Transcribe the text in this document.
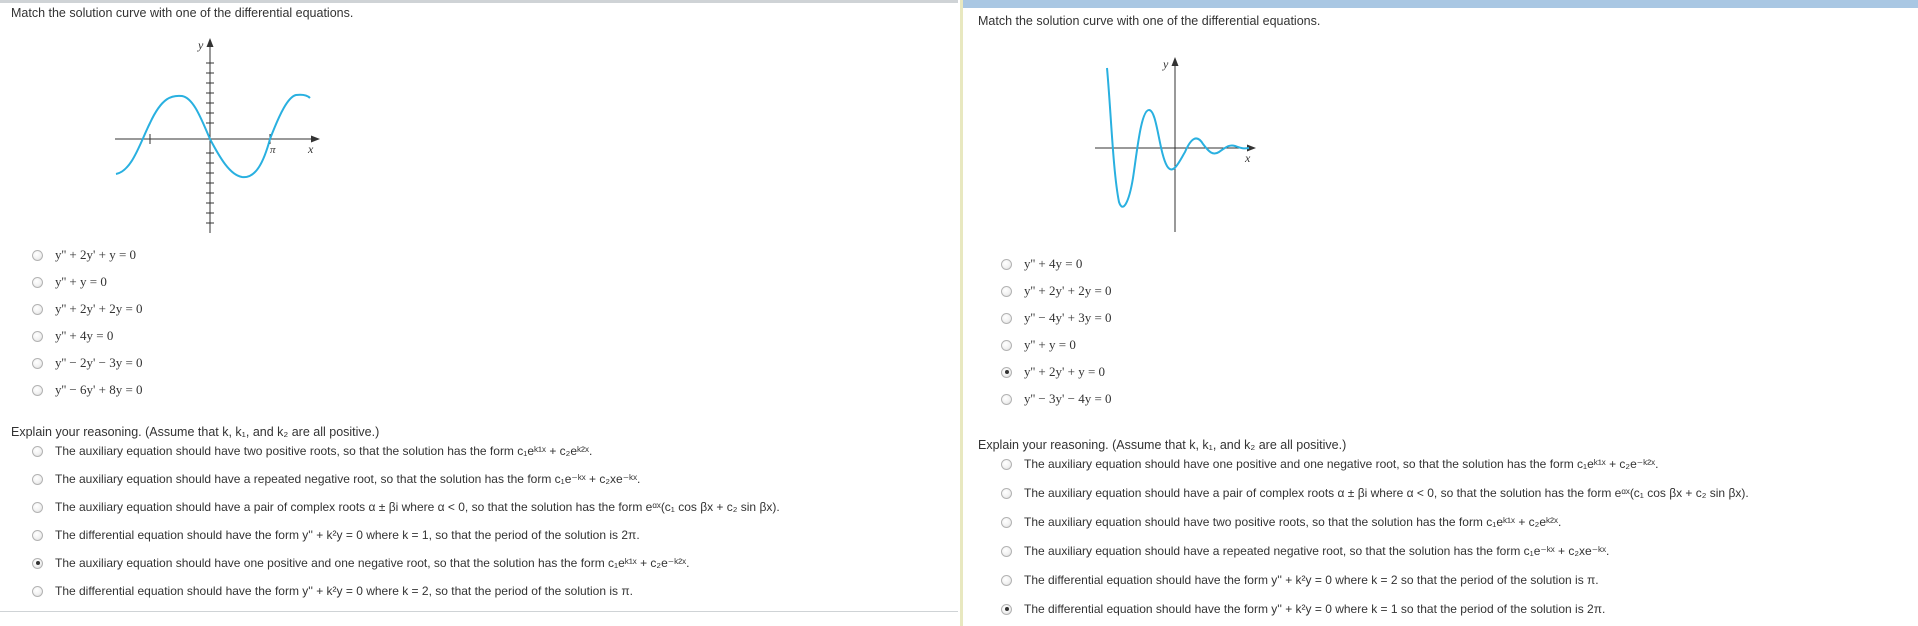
Match the solution curve with one of the differential equations.
y
x
π
y'' + 2y' + y = 0
y'' + y = 0
y'' + 2y' + 2y = 0
y'' + 4y = 0
y'' − 2y' − 3y = 0
y'' − 6y' + 8y = 0
Explain your reasoning. (Assume that k, k₁, and k₂ are all positive.)
The auxiliary equation should have two positive roots, so that the solution has the form c₁eᵏ¹ˣ + c₂eᵏ²ˣ.
The auxiliary equation should have a repeated negative root, so that the solution has the form c₁e⁻ᵏˣ + c₂xe⁻ᵏˣ.
The auxiliary equation should have a pair of complex roots α ± βi where α < 0, so that the solution has the form eᵅˣ(c₁ cos βx + c₂ sin βx).
The differential equation should have the form y'' + k²y = 0 where k = 1, so that the period of the solution is 2π.
The auxiliary equation should have one positive and one negative root, so that the solution has the form c₁eᵏ¹ˣ + c₂e⁻ᵏ²ˣ.
The differential equation should have the form y'' + k²y = 0 where k = 2, so that the period of the solution is π.
Match the solution curve with one of the differential equations.
y
x
y'' + 4y = 0
y'' + 2y' + 2y = 0
y'' − 4y' + 3y = 0
y'' + y = 0
y'' + 2y' + y = 0
y'' − 3y' − 4y = 0
Explain your reasoning. (Assume that k, k₁, and k₂ are all positive.)
The auxiliary equation should have one positive and one negative root, so that the solution has the form c₁eᵏ¹ˣ + c₂e⁻ᵏ²ˣ.
The auxiliary equation should have a pair of complex roots α ± βi where α < 0, so that the solution has the form eᵅˣ(c₁ cos βx + c₂ sin βx).
The auxiliary equation should have two positive roots, so that the solution has the form c₁eᵏ¹ˣ + c₂eᵏ²ˣ.
The auxiliary equation should have a repeated negative root, so that the solution has the form c₁e⁻ᵏˣ + c₂xe⁻ᵏˣ.
The differential equation should have the form y'' + k²y = 0 where k = 2 so that the period of the solution is π.
The differential equation should have the form y'' + k²y = 0 where k = 1 so that the period of the solution is 2π.
